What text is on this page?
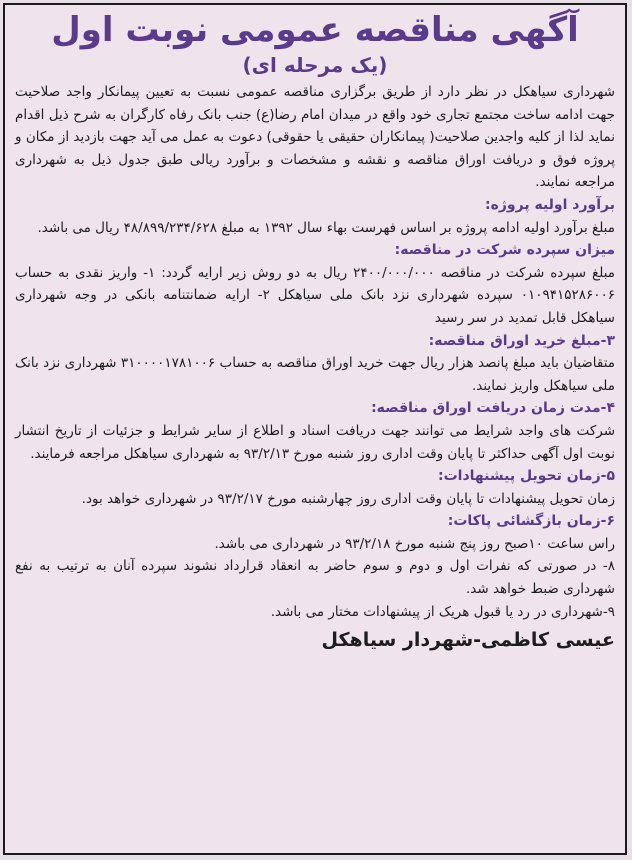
آگهی مناقصه عمومی نوبت اول

(یک مرحله ای)

شهرداری سیاهکل در نظر دارد از طریق برگزاری مناقصه عمومی نسبت به تعیین پیمانکار واجد صلاحیت جهت ادامه ساخت مجتمع تجاری خود واقع در میدان امام رضا(ع) جنب بانک رفاه کارگران به شرح ذیل اقدام نماید لذا از کلیه واجدین صلاحیت( پیمانکاران حقیقی یا حقوقی) دعوت به عمل می آید جهت بازدید از مکان و پروژه فوق و دریافت اوراق مناقصه و نقشه و مشخصات و برآورد ریالی طبق جدول ذیل به شهرداری مراجعه نمایند.

برآورد اولیه پروژه:

مبلغ برآورد اولیه ادامه پروژه بر اساس فهرست بهاء سال ۱۳۹۲ به مبلغ ۴۸/۸۹۹/۲۳۴/۶۲۸ ریال می باشد.

میزان سپرده شرکت در مناقصه:

مبلغ سپرده شرکت در مناقصه ۲۴۰۰/۰۰۰/۰۰۰ ریال به دو روش زیر ارایه گردد: ۱- واریز نقدی به حساب ۰۱۰۹۴۱۵۲۸۶۰۰۶ سپرده شهرداری نزد بانک ملی سیاهکل ۲- ارایه ضمانتنامه بانکی در وجه شهرداری سیاهکل قابل تمدید در سر رسید

۳-مبلغ خرید اوراق مناقصه:

متقاضیان باید مبلغ پانصد هزار ریال جهت خرید اوراق مناقصه به حساب ۳۱۰۰۰۰۱۷۸۱۰۰۶ شهرداری نزد بانک ملی سیاهکل واریز نمایند.

۴-مدت زمان دریافت اوراق مناقصه:

شرکت های واجد شرایط می توانند جهت دریافت اسناد و اطلاع از سایر شرایط و جزئیات از تاریخ انتشار نوبت اول آگهی حداکثر تا پایان وقت اداری روز شنبه مورخ ۹۳/۲/۱۳ به شهرداری سیاهکل مراجعه فرمایند.

۵-زمان تحویل پیشنهادات:

زمان تحویل پیشنهادات تا پایان وقت اداری روز چهارشنبه مورخ ۹۳/۲/۱۷ در شهرداری خواهد بود.

۶-زمان بازگشائی پاکات:

راس ساعت ۱۰صبح روز پنج شنبه مورخ ۹۳/۲/۱۸ در شهرداری می باشد.

۸- در صورتی که نفرات اول و دوم و سوم حاضر به انعقاد قرارداد نشوند سپرده آنان به ترتیب به نفع شهرداری ضبط خواهد شد.

۹-شهرداری در رد یا قبول هریک از پیشنهادات مختار می باشد.

عیسی کاظمی-شهردار سیاهکل
